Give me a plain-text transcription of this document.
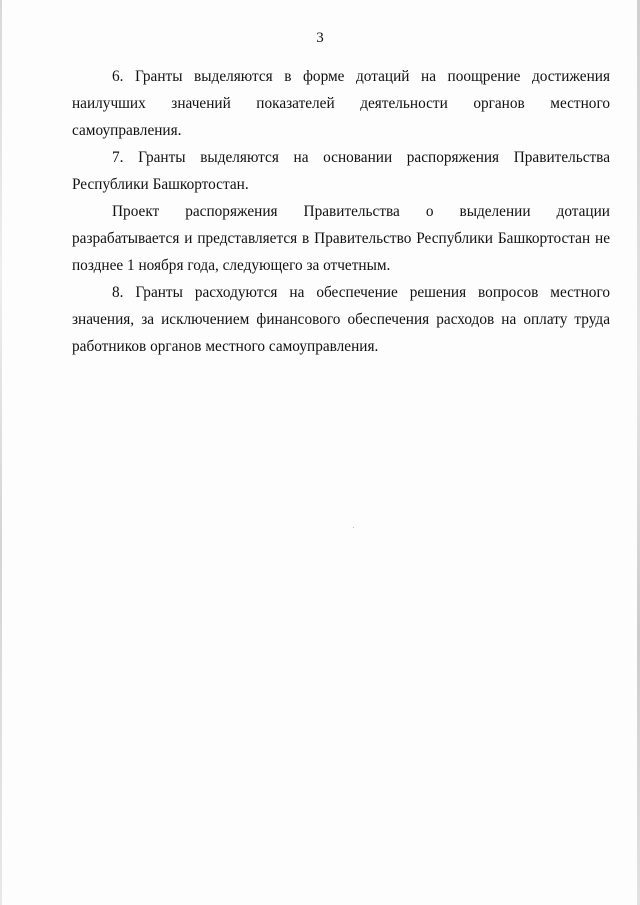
3

6. Гранты выделяются в форме дотаций на поощрение достижения наилучших значений показателей деятельности органов местного самоуправления.

7. Гранты выделяются на основании распоряжения Правительства Республики Башкортостан.

Проект распоряжения Правительства о выделении дотации разрабатывается и представляется в Правительство Республики Башкортостан не позднее 1 ноября года, следующего за отчетным.

8. Гранты расходуются на обеспечение решения вопросов местного значения, за исключением финансового обеспечения расходов на оплату труда работников органов местного самоуправления.
